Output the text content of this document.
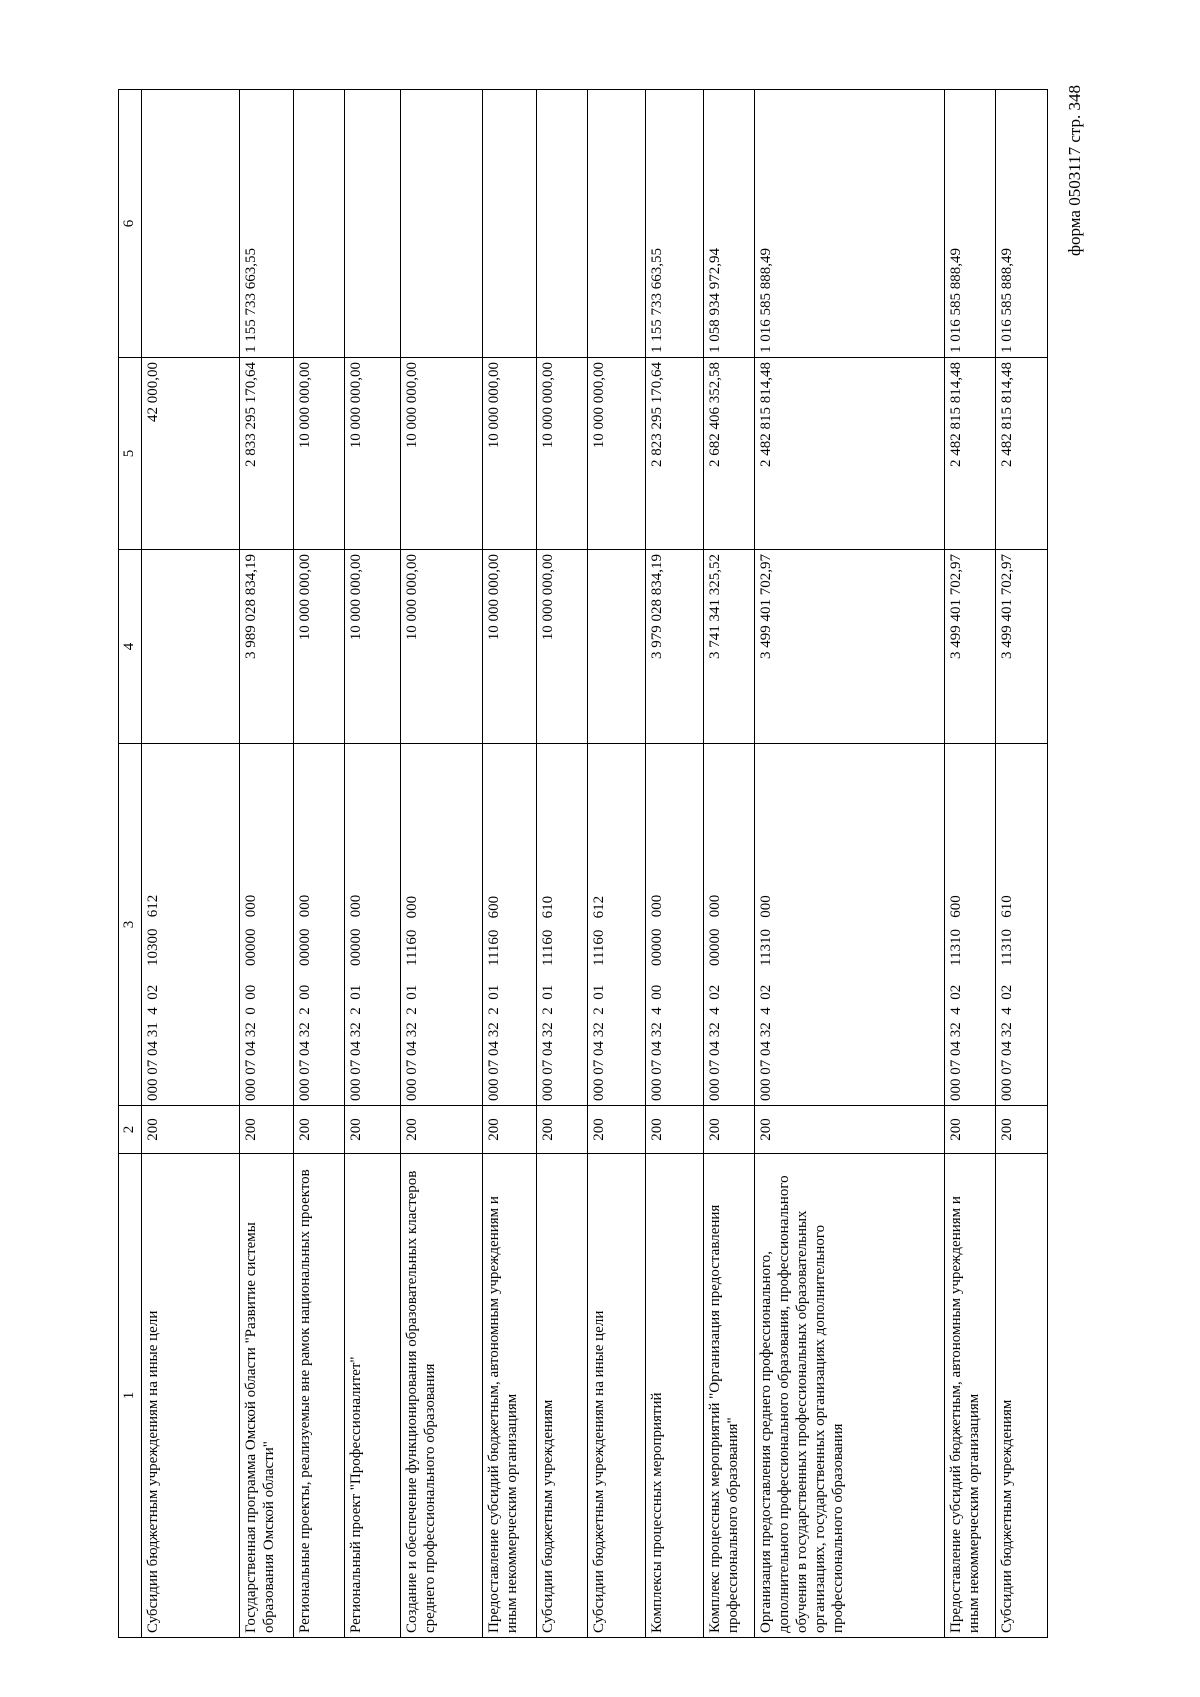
форма 0503117 стр. 348
1	2	3	4	5	6
Субсидии бюджетным учреждениям на иные цели	200	000 07 04 31  4  02     10300   612		42 000,00	
Государственная программа Омской области "Развитие системы образования Омской области"	200	000 07 04 32  0  00     00000   000	3 989 028 834,19	2 833 295 170,64	1 155 733 663,55
Региональные проекты, реализуемые вне рамок национальных проектов	200	000 07 04 32  2  00     00000   000	10 000 000,00	10 000 000,00	
Региональный проект "Профессионалитет"	200	000 07 04 32  2  01     00000   000	10 000 000,00	10 000 000,00	
Создание и обеспечение функционирования образовательных кластеров среднего профессионального образования	200	000 07 04 32  2  01     11160   000	10 000 000,00	10 000 000,00	
Предоставление субсидий бюджетным, автономным учреждениям и иным некоммерческим организациям	200	000 07 04 32  2  01     11160   600	10 000 000,00	10 000 000,00	
Субсидии бюджетным учреждениям	200	000 07 04 32  2  01     11160   610	10 000 000,00	10 000 000,00	
Субсидии бюджетным учреждениям на иные цели	200	000 07 04 32  2  01     11160   612		10 000 000,00	
Комплексы процессных мероприятий	200	000 07 04 32  4  00     00000   000	3 979 028 834,19	2 823 295 170,64	1 155 733 663,55
Комплекс процессных мероприятий "Организация предоставления профессионального образования"	200	000 07 04 32  4  02     00000   000	3 741 341 325,52	2 682 406 352,58	1 058 934 972,94
Организация предоставления среднего профессионального, дополнительного профессионального образования, профессионального обучения в государственных профессиональных образовательных организациях, государственных организациях дополнительного профессионального образования	200	000 07 04 32  4  02     11310   000	3 499 401 702,97	2 482 815 814,48	1 016 585 888,49
Предоставление субсидий бюджетным, автономным учреждениям и иным некоммерческим организациям	200	000 07 04 32  4  02     11310   600	3 499 401 702,97	2 482 815 814,48	1 016 585 888,49
Субсидии бюджетным учреждениям	200	000 07 04 32  4  02     11310   610	3 499 401 702,97	2 482 815 814,48	1 016 585 888,49
